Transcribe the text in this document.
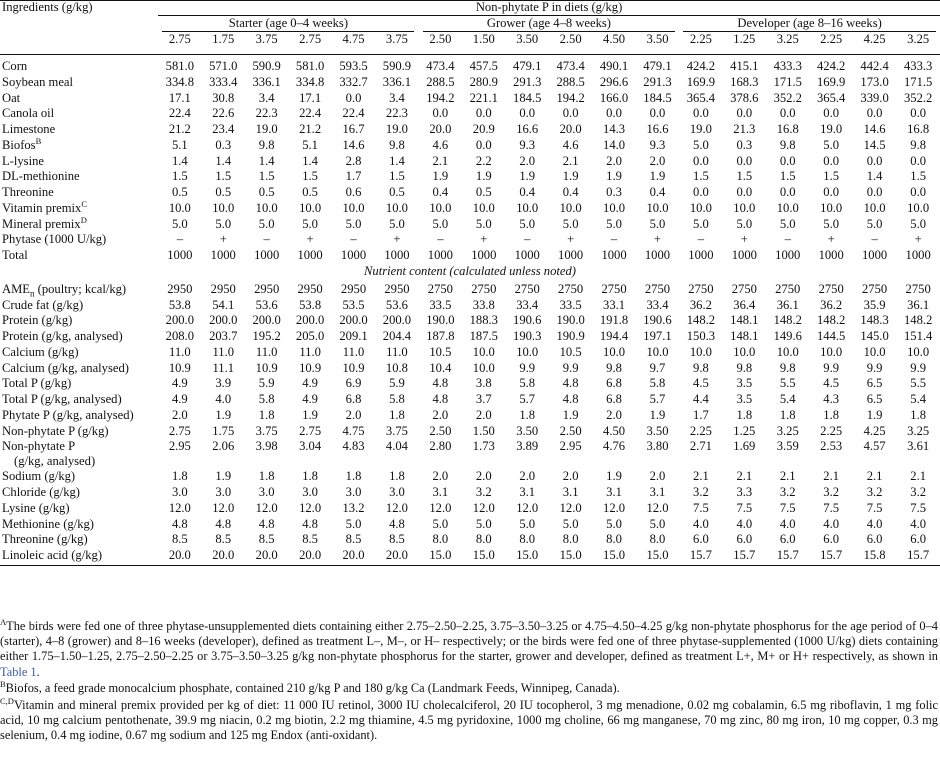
Ingredients (g/kg)	Non-phytate P in diets (g/kg)																	
	Starter (age 0–4 weeks)						Grower (age 4–8 weeks)						Developer (age 8–16 weeks)					
	2.75	1.75	3.75	2.75	4.75	3.75	2.50	1.50	3.50	2.50	4.50	3.50	2.25	1.25	3.25	2.25	4.25	3.25

Corn	581.0	571.0	590.9	581.0	593.5	590.9	473.4	457.5	479.1	473.4	490.1	479.1	424.2	415.1	433.3	424.2	442.4	433.3
Soybean meal	334.8	333.4	336.1	334.8	332.7	336.1	288.5	280.9	291.3	288.5	296.6	291.3	169.9	168.3	171.5	169.9	173.0	171.5
Oat	17.1	30.8	3.4	17.1	0.0	3.4	194.2	221.1	184.5	194.2	166.0	184.5	365.4	378.6	352.2	365.4	339.0	352.2
Canola oil	22.4	22.6	22.3	22.4	22.4	22.3	0.0	0.0	0.0	0.0	0.0	0.0	0.0	0.0	0.0	0.0	0.0	0.0
Limestone	21.2	23.4	19.0	21.2	16.7	19.0	20.0	20.9	16.6	20.0	14.3	16.6	19.0	21.3	16.8	19.0	14.6	16.8
Biofos$^B$	5.1	0.3	9.8	5.1	14.6	9.8	4.6	0.0	9.3	4.6	14.0	9.3	5.0	0.3	9.8	5.0	14.5	9.8
L-lysine	1.4	1.4	1.4	1.4	2.8	1.4	2.1	2.2	2.0	2.1	2.0	2.0	0.0	0.0	0.0	0.0	0.0	0.0
DL-methionine	1.5	1.5	1.5	1.5	1.7	1.5	1.9	1.9	1.9	1.9	1.9	1.9	1.5	1.5	1.5	1.5	1.4	1.5
Threonine	0.5	0.5	0.5	0.5	0.6	0.5	0.4	0.5	0.4	0.4	0.3	0.4	0.0	0.0	0.0	0.0	0.0	0.0
Vitamin premix$^C$	10.0	10.0	10.0	10.0	10.0	10.0	10.0	10.0	10.0	10.0	10.0	10.0	10.0	10.0	10.0	10.0	10.0	10.0
Mineral premix$^D$	5.0	5.0	5.0	5.0	5.0	5.0	5.0	5.0	5.0	5.0	5.0	5.0	5.0	5.0	5.0	5.0	5.0	5.0
Phytase (1000 U/kg)	–	+	–	+	–	+	–	+	–	+	–	+	–	+	–	+	–	+
Total	1000	1000	1000	1000	1000	1000	1000	1000	1000	1000	1000	1000	1000	1000	1000	1000	1000	1000
Nutrient content (calculated unless noted)																		
$AME_n$ (poultry; kcal/kg)	2950	2950	2950	2950	2950	2950	2750	2750	2750	2750	2750	2750	2750	2750	2750	2750	2750	2750
Crude fat (g/kg)	53.8	54.1	53.6	53.8	53.5	53.6	33.5	33.8	33.4	33.5	33.1	33.4	36.2	36.4	36.1	36.2	35.9	36.1
Protein (g/kg)	200.0	200.0	200.0	200.0	200.0	200.0	190.0	188.3	190.6	190.0	191.8	190.6	148.2	148.1	148.2	148.2	148.3	148.2
Protein (g/kg, analysed)	208.0	203.7	195.2	205.0	209.1	204.4	187.8	187.5	190.3	190.9	194.4	197.1	150.3	148.1	149.6	144.5	145.0	151.4
Calcium (g/kg)	11.0	11.0	11.0	11.0	11.0	11.0	10.5	10.0	10.0	10.5	10.0	10.0	10.0	10.0	10.0	10.0	10.0	10.0
Calcium (g/kg, analysed)	10.9	11.1	10.9	10.9	10.9	10.8	10.4	10.0	9.9	9.9	9.8	9.7	9.8	9.8	9.8	9.9	9.9	9.9
Total P (g/kg)	4.9	3.9	5.9	4.9	6.9	5.9	4.8	3.8	5.8	4.8	6.8	5.8	4.5	3.5	5.5	4.5	6.5	5.5
Total P (g/kg, analysed)	4.9	4.0	5.8	4.9	6.8	5.8	4.8	3.7	5.7	4.8	6.8	5.7	4.4	3.5	5.4	4.3	6.5	5.4
Phytate P (g/kg, analysed)	2.0	1.9	1.8	1.9	2.0	1.8	2.0	2.0	1.8	1.9	2.0	1.9	1.7	1.8	1.8	1.8	1.9	1.8
Non-phytate P (g/kg)	2.75	1.75	3.75	2.75	4.75	3.75	2.50	1.50	3.50	2.50	4.50	3.50	2.25	1.25	3.25	2.25	4.25	3.25
Non-phytate P
(g/kg, analysed)	2.95	2.06	3.98	3.04	4.83	4.04	2.80	1.73	3.89	2.95	4.76	3.80	2.71	1.69	3.59	2.53	4.57	3.61
Sodium (g/kg)	1.8	1.9	1.8	1.8	1.8	1.8	2.0	2.0	2.0	2.0	1.9	2.0	2.1	2.1	2.1	2.1	2.1	2.1
Chloride (g/kg)	3.0	3.0	3.0	3.0	3.0	3.0	3.1	3.2	3.1	3.1	3.1	3.1	3.2	3.3	3.2	3.2	3.2	3.2
Lysine (g/kg)	12.0	12.0	12.0	12.0	13.2	12.0	12.0	12.0	12.0	12.0	12.0	12.0	7.5	7.5	7.5	7.5	7.5	7.5
Methionine (g/kg)	4.8	4.8	4.8	4.8	5.0	4.8	5.0	5.0	5.0	5.0	5.0	5.0	4.0	4.0	4.0	4.0	4.0	4.0
Threonine (g/kg)	8.5	8.5	8.5	8.5	8.5	8.5	8.0	8.0	8.0	8.0	8.0	8.0	6.0	6.0	6.0	6.0	6.0	6.0
Linoleic acid (g/kg)	20.0	20.0	20.0	20.0	20.0	20.0	15.0	15.0	15.0	15.0	15.0	15.0	15.7	15.7	15.7	15.7	15.8	15.7

$^A$The birds were fed one of three phytase-unsupplemented diets containing either 2.75–2.50–2.25, 3.75–3.50–3.25 or 4.75–4.50–4.25 g/kg non-phytate phosphorus for the age period of 0–4 (starter), 4–8 (grower) and 8–16 weeks (developer), defined as treatment L–, M–, or H– respectively; or the birds were fed one of three phytase-supplemented (1000 U/kg) diets containing either 1.75–1.50–1.25, 2.75–2.50–2.25 or 3.75–3.50–3.25 g/kg non-phytate phosphorus for the starter, grower and developer, defined as treatment L+, M+ or H+ respectively, as shown in Table 1.

$^B$Biofos, a feed grade monocalcium phosphate, contained 210 g/kg P and 180 g/kg Ca (Landmark Feeds, Winnipeg, Canada).

$^{C,D}$Vitamin and mineral premix provided per kg of diet: 11 000 IU retinol, 3000 IU cholecalciferol, 20 IU tocopherol, 3 mg menadione, 0.02 mg cobalamin, 6.5 mg riboflavin, 1 mg folic acid, 10 mg calcium pentothenate, 39.9 mg niacin, 0.2 mg biotin, 2.2 mg thiamine, 4.5 mg pyridoxine, 1000 mg choline, 66 mg manganese, 70 mg zinc, 80 mg iron, 10 mg copper, 0.3 mg selenium, 0.4 mg iodine, 0.67 mg sodium and 125 mg Endox (anti-oxidant).
